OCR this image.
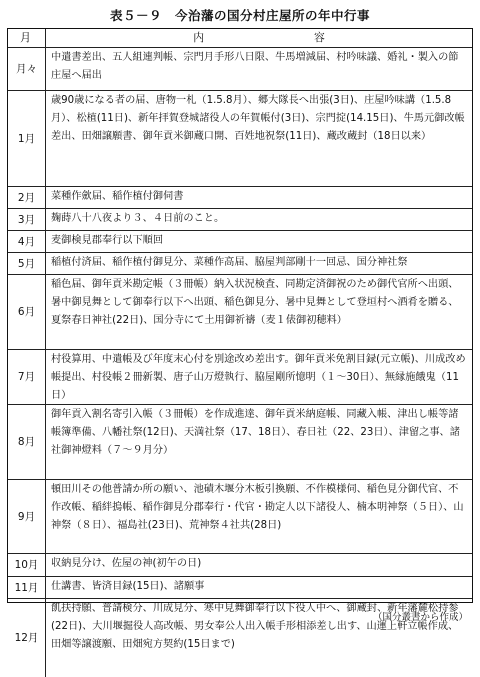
表５－９　今治藩の国分村庄屋所の年中行事
月	内	容
月々
中遣書差出、五人組連判帳、宗門月手形八日限、牛馬増減届、村吟味議、婚礼・製入の節庄屋へ届出
1月
歳90歳になる者の届、唐物一札（1.5.8月）、郷大隊長へ出張(3日)、庄屋吟味講（1.5.8月）、松植(11日)、新年拝賀登城諸役人の年賀帳付(3日)、宗門掟(14.15日)、牛馬元御改帳差出、田畑譲願書、御年貢米御蔵口開、百姓地祝祭(11日)、蔵改蔵封（18日以来）
2月	菜種作歛届、稲作植付御伺書
3月	麹蒔八十八夜より３、４日前のこと。
4月	麦御検見郡奉行以下順回
5月	稲植付済届、稲作植付御見分、菜種作高届、脇屋判部剛十一回忌、国分神社祭
6月
稲色届、御年貢米勘定帳（３冊帳）納入状況検査、同勘定済御祝のため御代官所へ出頭、暑中御見舞として御奉行以下へ出頭、稲色御見分、暑中見舞として登垣村へ酒肴を贈る、夏祭春日神社(22日)、国分寺にて土用御祈禱（麦１俵御初穂料）
7月
村役算用、中遣帳及び年度末心付を別途改め差出す。御年貢米免割目録(元立帳)、川成改め帳提出、村役帳２冊新製、唐子山万燈執行、脇屋剛所憶明（１～30日）、無縁施餓鬼（11日）
8月
御年貢入割名寄引入帳（３冊帳）を作成進達、御年貢米納庭帳、同藏入帳、津出し帳等諸帳簿準備、八幡社祭(12日)、天満社祭（17、18日）、春日社（22、23日）、津留之事、諸社御神燈料（７～９月分）
9月
頓田川その他普請か所の願い、池磧木堰分木板引換願、不作模様伺、稲色見分御代官、不作改帳、稲絆摀帳、稲作御見分郡奉行・代官・勘定人以下諸役人、楠本明神祭（５日）、山神祭（８日）、福島社(23日)、荒神祭４社共(28日)
10月	収納見分け、佐屋の神(初午の日)
11月	仕講書、皆済目録(15日)、諸願事
12月
飢扶持願、普請検分、川成見分、寒中見舞御奉行以下役人中へ、御蔵封、新年藩麓松持参(22日)、大川堰掘役人高改帳、男女奉公人出入帳手形相添差し出す、山運上軒立帳作成、田畑等譲渡願、田畑宛方契約(15日まで)
（国分叢書から作成）
